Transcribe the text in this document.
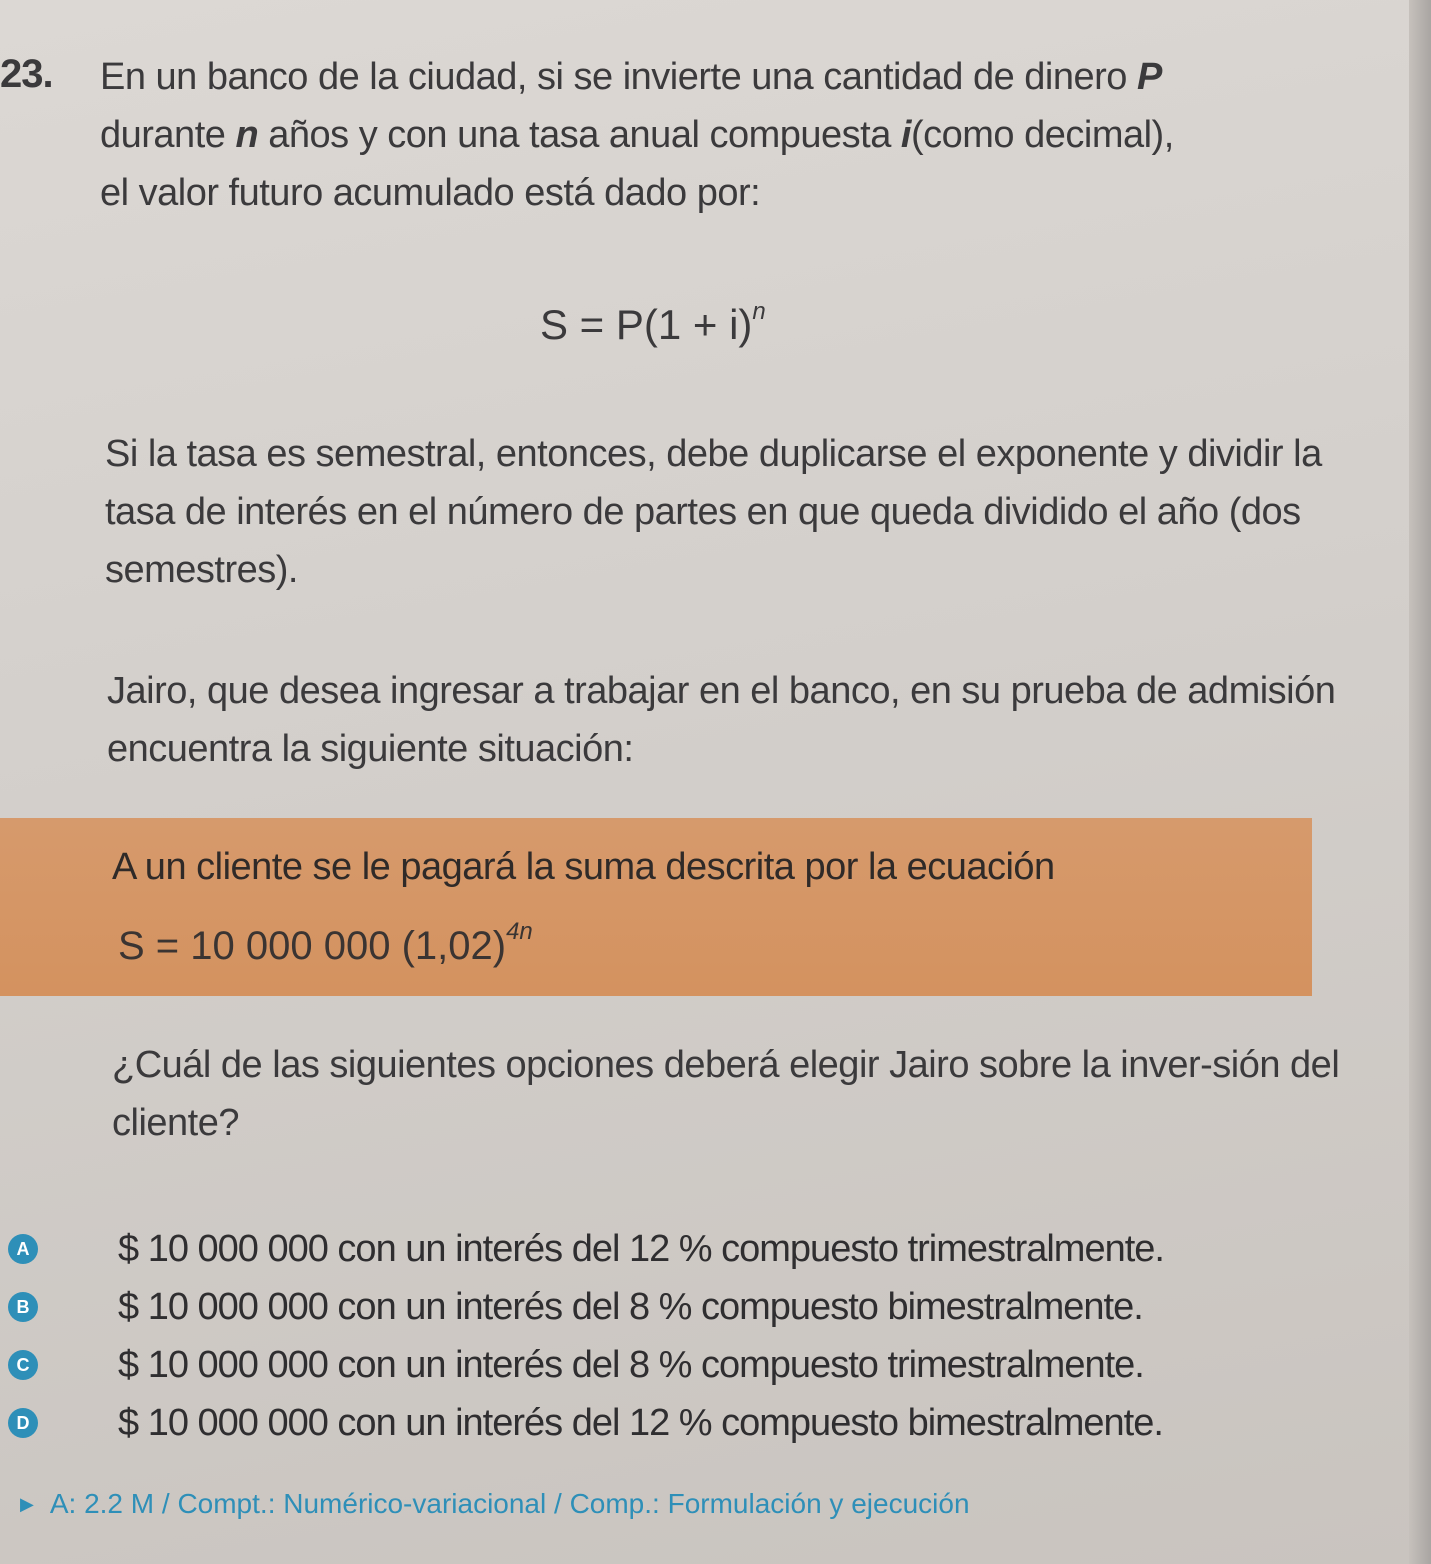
23. En un banco de la ciudad, si se invierte una cantidad de dinero P
durante n años y con una tasa anual compuesta i(como decimal),
el valor futuro acumulado está dado por:
$S = P(1 + i)^n$
Si la tasa es semestral, entonces, debe duplicarse el exponente y dividir la tasa de interés en el número de partes en que queda dividido el año (dos semestres).
Jairo, que desea ingresar a trabajar en el banco, en su prueba de admisión encuentra la siguiente situación:
A un cliente se le pagará la suma descrita por la ecuación
S = 10 000 000 $(1,02)^{4n}$
¿Cuál de las siguientes opciones deberá elegir Jairo sobre la inver-sión del cliente?
A $ 10 000 000 con un interés del 12 % compuesto trimestralmente.
B $ 10 000 000 con un interés del 8 % compuesto bimestralmente.
C $ 10 000 000 con un interés del 8 % compuesto trimestralmente.
D $ 10 000 000 con un interés del 12 % compuesto bimestralmente.
▶ A: 2.2 M / Compt.: Numérico-variacional / Comp.: Formulación y ejecución
